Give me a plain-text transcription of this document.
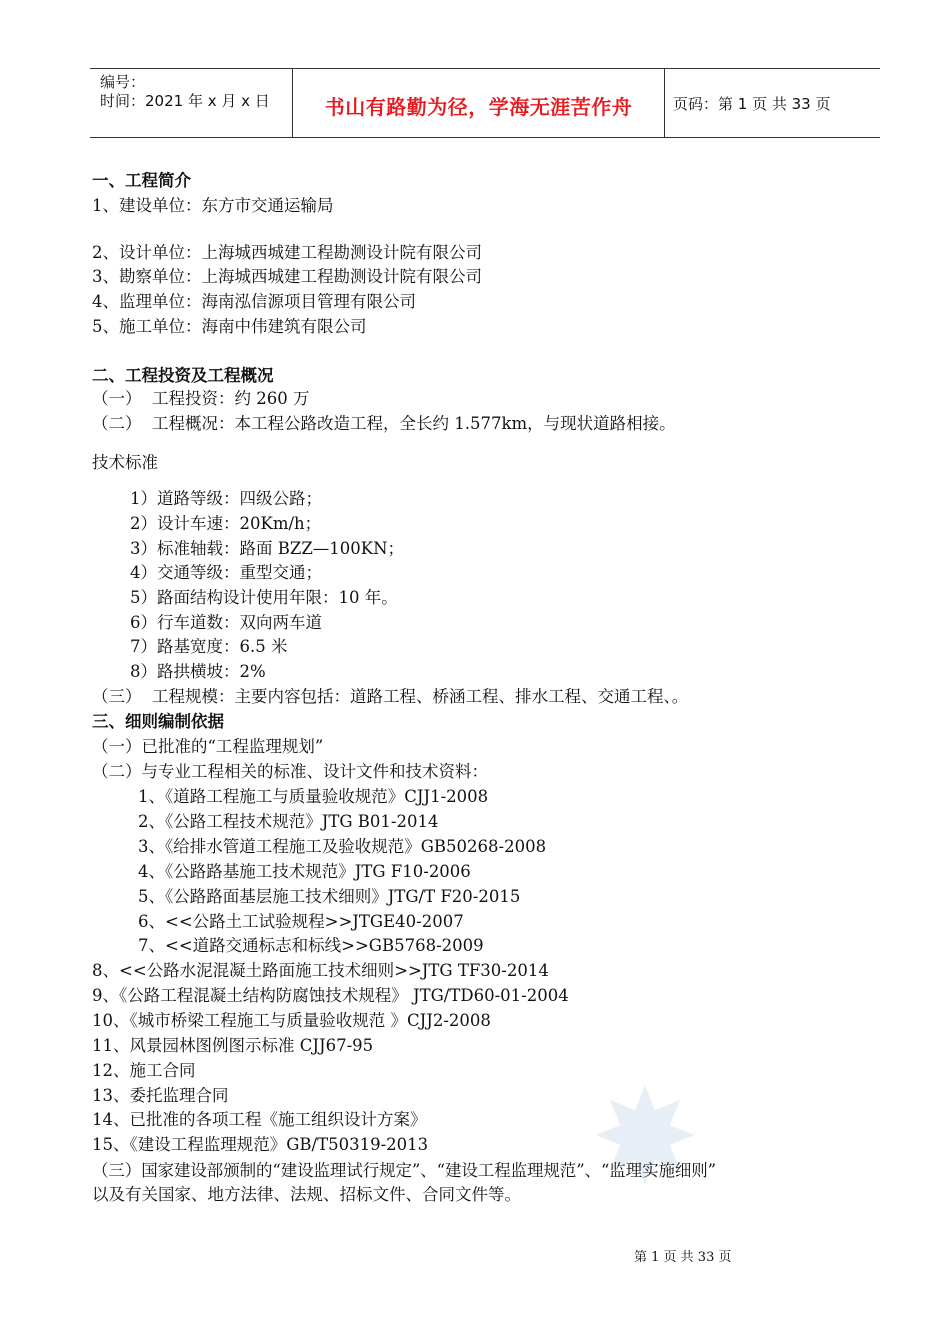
编号：
时间：2021 年 x 月 x 日	书山有路勤为径，学海无涯苦作舟	页码：第 1 页 共 33 页
一、工程简介
1、建设单位：东方市交通运输局
2、设计单位：上海城西城建工程勘测设计院有限公司
3、勘察单位：上海城西城建工程勘测设计院有限公司
4、监理单位：海南泓信源项目管理有限公司
5、施工单位：海南中伟建筑有限公司
二、工程投资及工程概况
（一）  工程投资：约 260 万
（二）  工程概况：本工程公路改造工程，全长约 1.577km，与现状道路相接。
技术标准
1）道路等级：四级公路；
2）设计车速：20Km/h；
3）标准轴载：路面 BZZ—100KN；
4）交通等级：重型交通；
5）路面结构设计使用年限：10 年。
6）行车道数：双向两车道
7）路基宽度：6.5 米
8）路拱横坡：2%
（三）  工程规模：主要内容包括：道路工程、桥涵工程、排水工程、交通工程、。
三、细则编制依据
（一）已批准的“工程监理规划”
（二）与专业工程相关的标准、设计文件和技术资料：
1、《道路工程施工与质量验收规范》CJJ1-2008
2、《公路工程技术规范》JTG B01-2014
3、《给排水管道工程施工及验收规范》GB50268-2008
4、《公路路基施工技术规范》JTG F10-2006
5、《公路路面基层施工技术细则》JTG/T F20-2015
6、<<公路土工试验规程>>JTGE40-2007
7、<<道路交通标志和标线>>GB5768-2009
8、<<公路水泥混凝土路面施工技术细则>>JTG TF30-2014
9、《公路工程混凝土结构防腐蚀技术规程》 JTG/TD60-01-2004
10、《城市桥梁工程施工与质量验收规范 》CJJ2-2008
11、风景园林图例图示标准 CJJ67-95
12、施工合同
13、委托监理合同
14、已批准的各项工程《施工组织设计方案》
15、《建设工程监理规范》GB/T50319-2013
（三）国家建设部颁制的“建设监理试行规定”、“建设工程监理规范”、“监理实施细则”
以及有关国家、地方法律、法规、招标文件、合同文件等。
第 1 页 共 33 页
